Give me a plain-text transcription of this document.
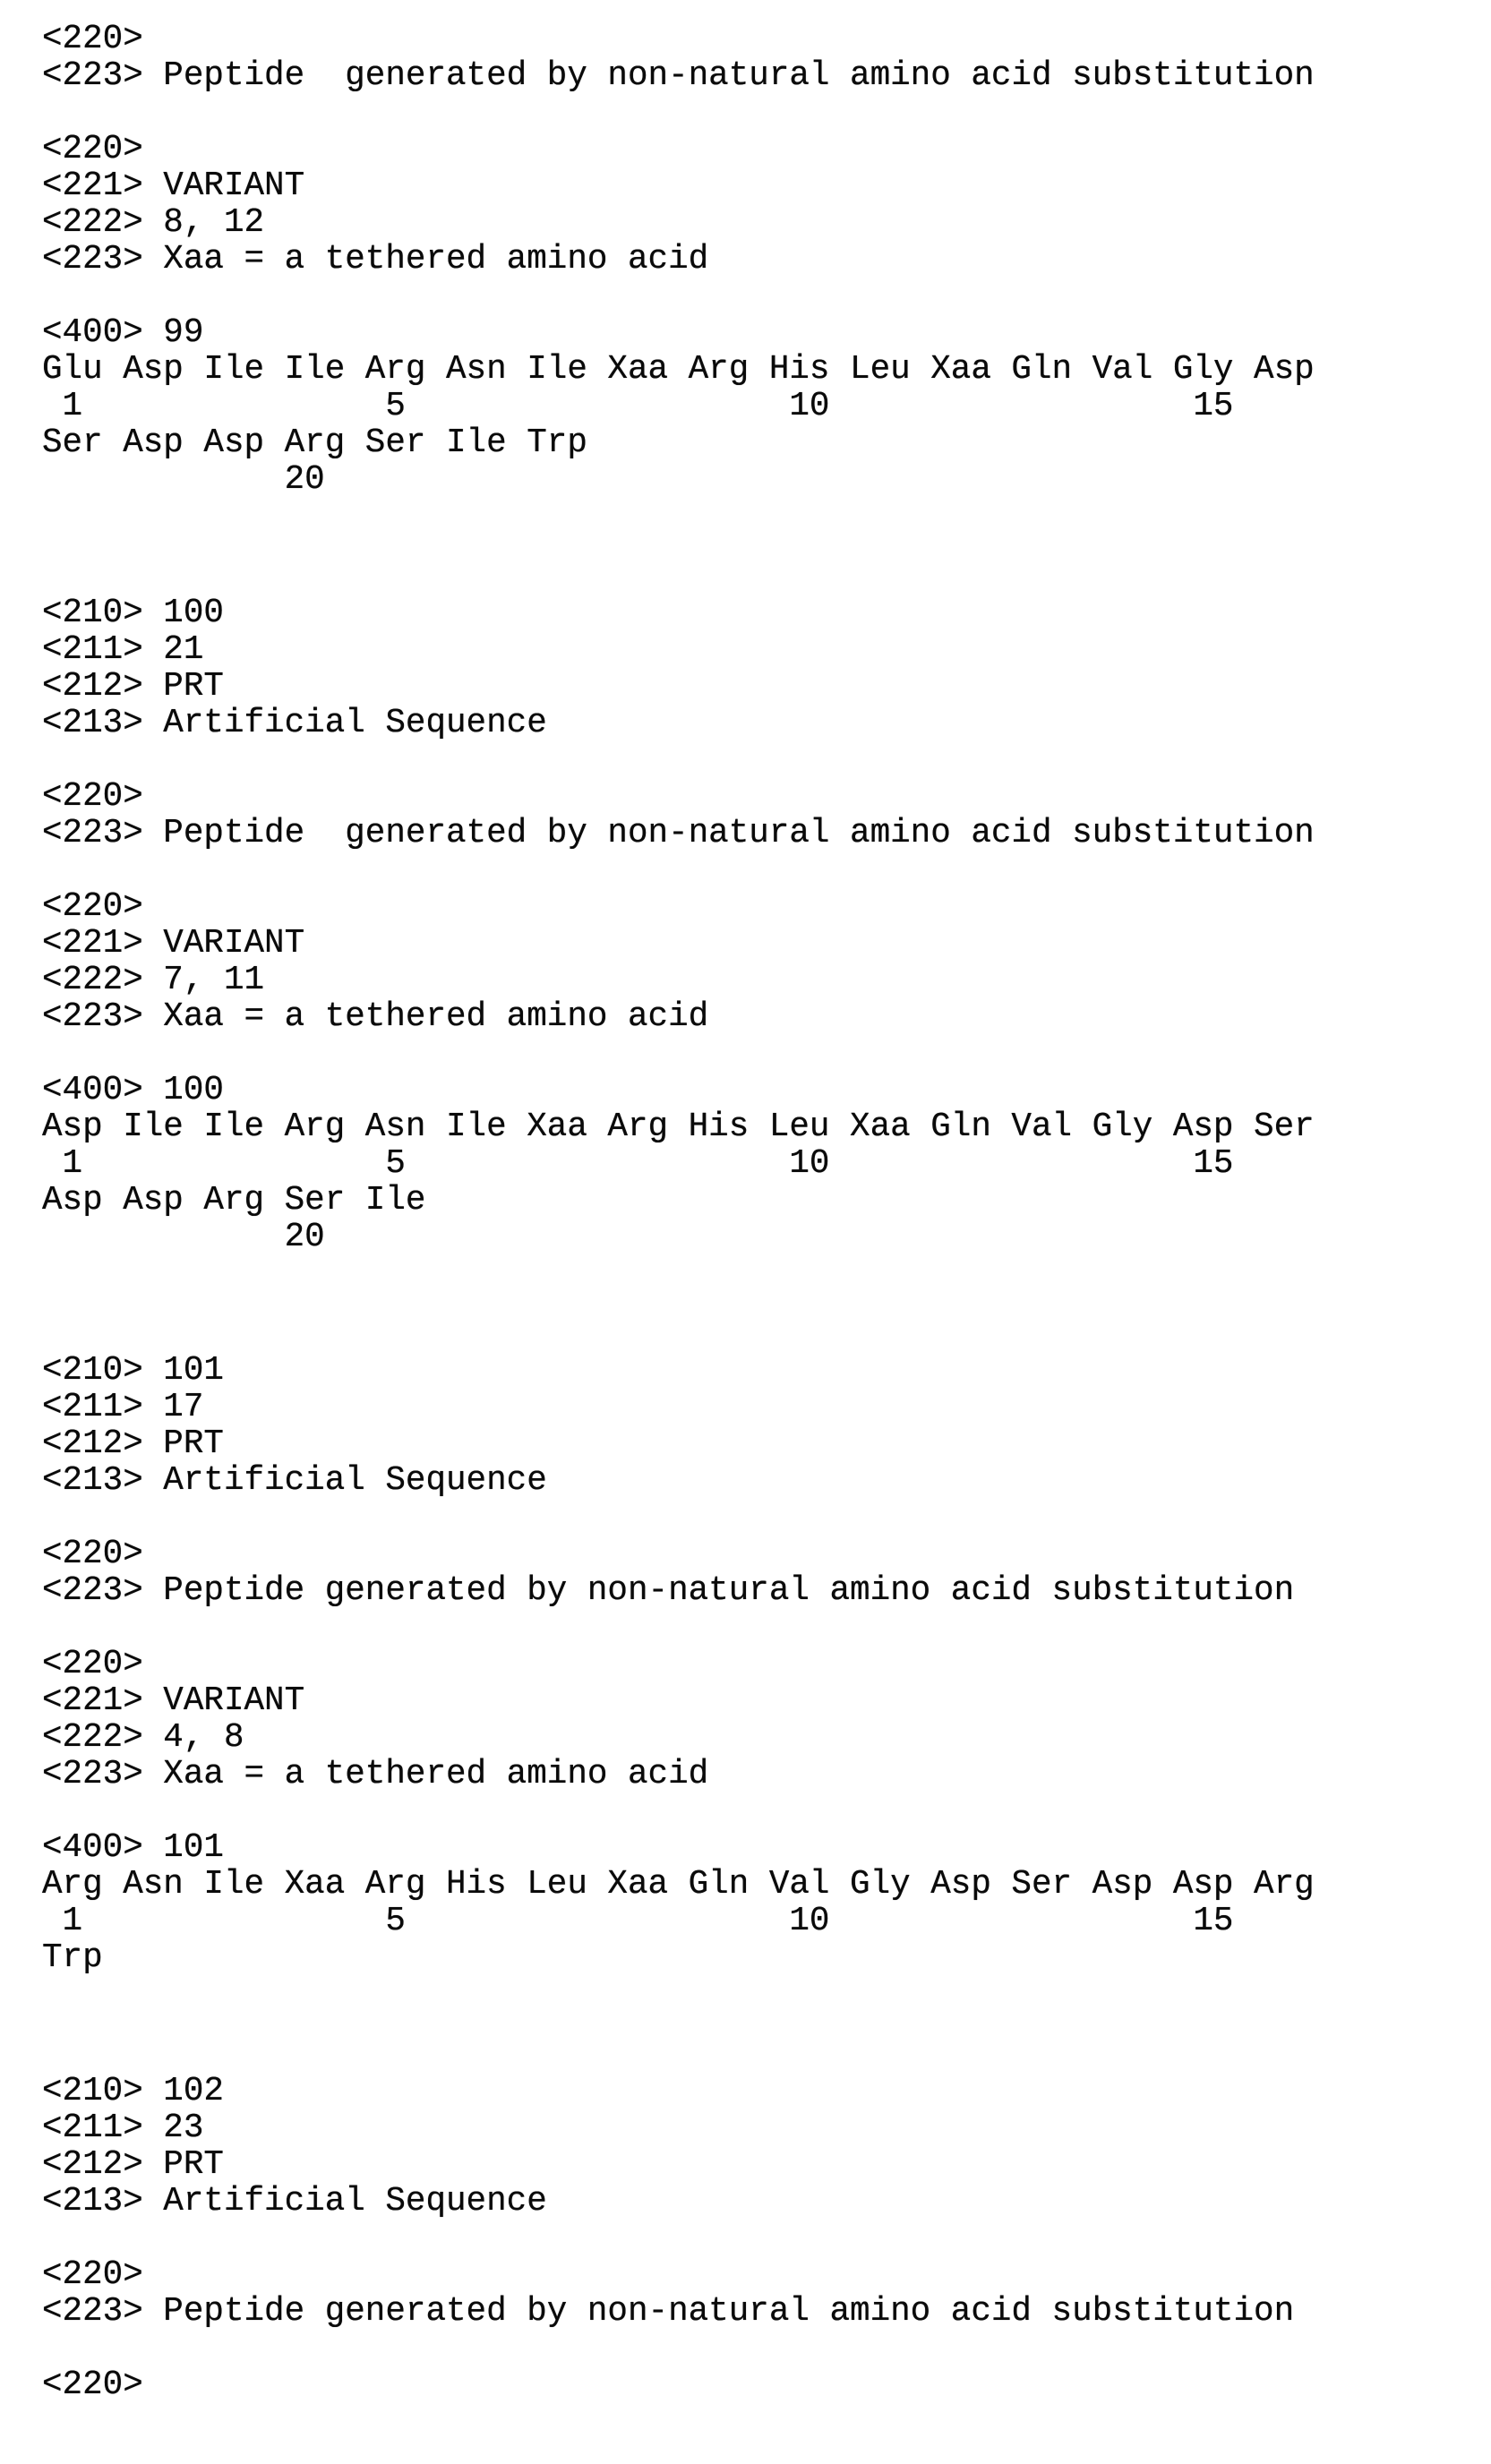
<220>
<223> Peptide  generated by non-natural amino acid substitution
<220>
<221> VARIANT
<222> 8, 12
<223> Xaa = a tethered amino acid
<400> 99
Glu Asp Ile Ile Arg Asn Ile Xaa Arg His Leu Xaa Gln Val Gly Asp
1               5                   10                  15
Ser Asp Asp Arg Ser Ile Trp
20
<210> 100
<211> 21
<212> PRT
<213> Artificial Sequence
<220>
<223> Peptide  generated by non-natural amino acid substitution
<220>
<221> VARIANT
<222> 7, 11
<223> Xaa = a tethered amino acid
<400> 100
Asp Ile Ile Arg Asn Ile Xaa Arg His Leu Xaa Gln Val Gly Asp Ser
1               5                   10                  15
Asp Asp Arg Ser Ile
20
<210> 101
<211> 17
<212> PRT
<213> Artificial Sequence
<220>
<223> Peptide generated by non-natural amino acid substitution
<220>
<221> VARIANT
<222> 4, 8
<223> Xaa = a tethered amino acid
<400> 101
Arg Asn Ile Xaa Arg His Leu Xaa Gln Val Gly Asp Ser Asp Asp Arg
1               5                   10                  15
Trp
<210> 102
<211> 23
<212> PRT
<213> Artificial Sequence
<220>
<223> Peptide generated by non-natural amino acid substitution
<220>
